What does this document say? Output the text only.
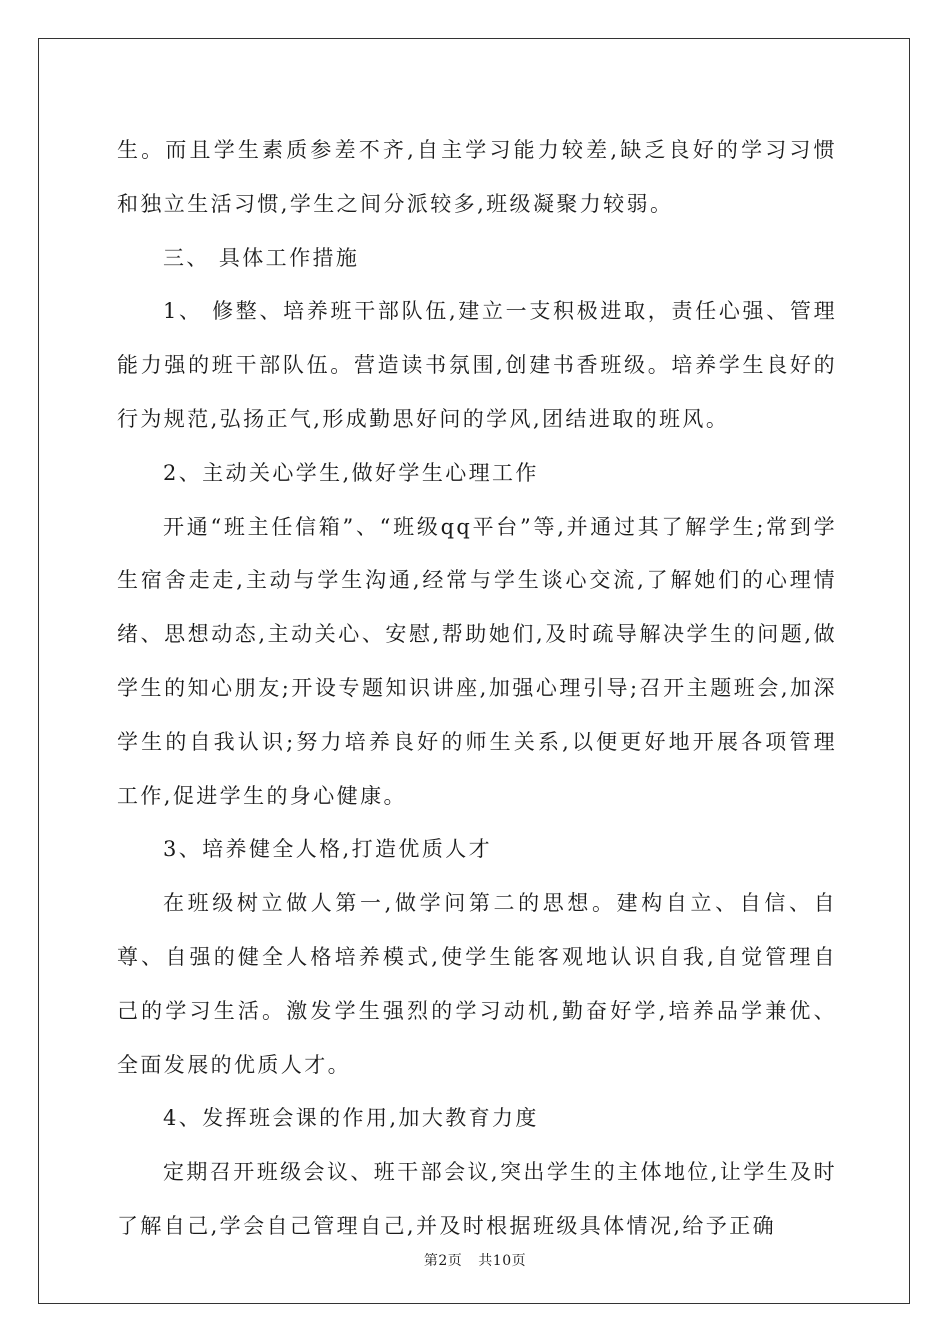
生。而且学生素质参差不齐,自主学习能力较差,缺乏良好的学习习惯和独立生活习惯,学生之间分派较多,班级凝聚力较弱。

三、 具体工作措施

1、 修整、培养班干部队伍,建立一支积极进取，责任心强、管理能力强的班干部队伍。营造读书氛围,创建书香班级。培养学生良好的行为规范,弘扬正气,形成勤思好问的学风,团结进取的班风。

2、主动关心学生,做好学生心理工作

开通“班主任信箱”、“班级qq平台”等,并通过其了解学生;常到学生宿舍走走,主动与学生沟通,经常与学生谈心交流,了解她们的心理情绪、思想动态,主动关心、安慰,帮助她们,及时疏导解决学生的问题,做学生的知心朋友;开设专题知识讲座,加强心理引导;召开主题班会,加深学生的自我认识;努力培养良好的师生关系,以便更好地开展各项管理工作,促进学生的身心健康。

3、培养健全人格,打造优质人才

在班级树立做人第一,做学问第二的思想。建构自立、自信、自尊、自强的健全人格培养模式,使学生能客观地认识自我,自觉管理自己的学习生活。激发学生强烈的学习动机,勤奋好学,培养品学兼优、全面发展的优质人才。

4、发挥班会课的作用,加大教育力度

定期召开班级会议、班干部会议,突出学生的主体地位,让学生及时了解自己,学会自己管理自己,并及时根据班级具体情况,给予正确

第2页 共10页
